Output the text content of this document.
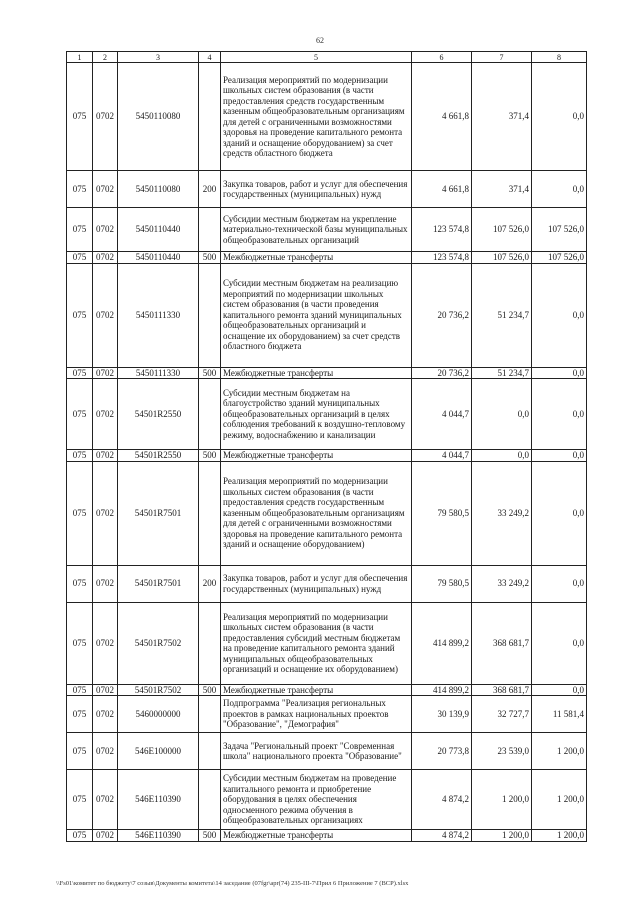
62
1	2	3	4	5	6	7	8
075	0702	5450110080		Реализация мероприятий по модернизации школьных систем образования (в части предоставления средств государственным казенным общеобразовательным организациям для детей с ограниченными возможностями здоровья на проведение капитального ремонта зданий и оснащение оборудованием) за счет средств областного бюджета	4 661,8	371,4	0,0
075	0702	5450110080	200	Закупка товаров, работ и услуг для обеспечения государственных (муниципальных) нужд	4 661,8	371,4	0,0
075	0702	5450110440		Субсидии местным бюджетам на укрепление материально-технической базы муниципальных общеобразовательных организаций	123 574,8	107 526,0	107 526,0
075	0702	5450110440	500	Межбюджетные трансферты	123 574,8	107 526,0	107 526,0
075	0702	5450111330		Субсидии местным бюджетам на реализацию мероприятий по модернизации школьных систем образования (в части проведения капитального ремонта зданий муниципальных общеобразовательных организаций и оснащение их оборудованием) за счет средств областного бюджета	20 736,2	51 234,7	0,0
075	0702	5450111330	500	Межбюджетные трансферты	20 736,2	51 234,7	0,0
075	0702	54501R2550		Субсидии местным бюджетам на благоустройство зданий муниципальных общеобразовательных организаций в целях соблюдения требований к воздушно-тепловому режиму, водоснабжению и канализации	4 044,7	0,0	0,0
075	0702	54501R2550	500	Межбюджетные трансферты	4 044,7	0,0	0,0
075	0702	54501R7501		Реализация мероприятий по модернизации школьных систем образования (в части предоставления средств государственным казенным общеобразовательным организациям для детей с ограниченными возможностями здоровья на проведение капитального ремонта зданий и оснащение оборудованием)	79 580,5	33 249,2	0,0
075	0702	54501R7501	200	Закупка товаров, работ и услуг для обеспечения государственных (муниципальных) нужд	79 580,5	33 249,2	0,0
075	0702	54501R7502		Реализация мероприятий по модернизации школьных систем образования (в части предоставления субсидий местным бюджетам на проведение капитального ремонта зданий муниципальных общеобразовательных организаций и оснащение их оборудованием)	414 899,2	368 681,7	0,0
075	0702	54501R7502	500	Межбюджетные трансферты	414 899,2	368 681,7	0,0
075	0702	5460000000		Подпрограмма "Реализация региональных проектов в рамках национальных проектов "Образование", "Демография"	30 139,9	32 727,7	11 581,4
075	0702	546E100000		Задача "Региональный проект "Современная школа" национального проекта "Образование"	20 773,8	23 539,0	1 200,0
075	0702	546E110390		Субсидии местным бюджетам на проведение капитального ремонта и приобретение оборудования в целях обеспечения односменного режима обучения в общеобразовательных организациях	4 874,2	1 200,0	1 200,0
075	0702	546E110390	500	Межбюджетные трансферты	4 874,2	1 200,0	1 200,0
\\Fs01\комитет по бюджету\7 созыв\Документы комитета\14 заседание (07fgr\apr(74) 235-III-7\Прил 6 Приложение 7 (ВСР).xlsx
